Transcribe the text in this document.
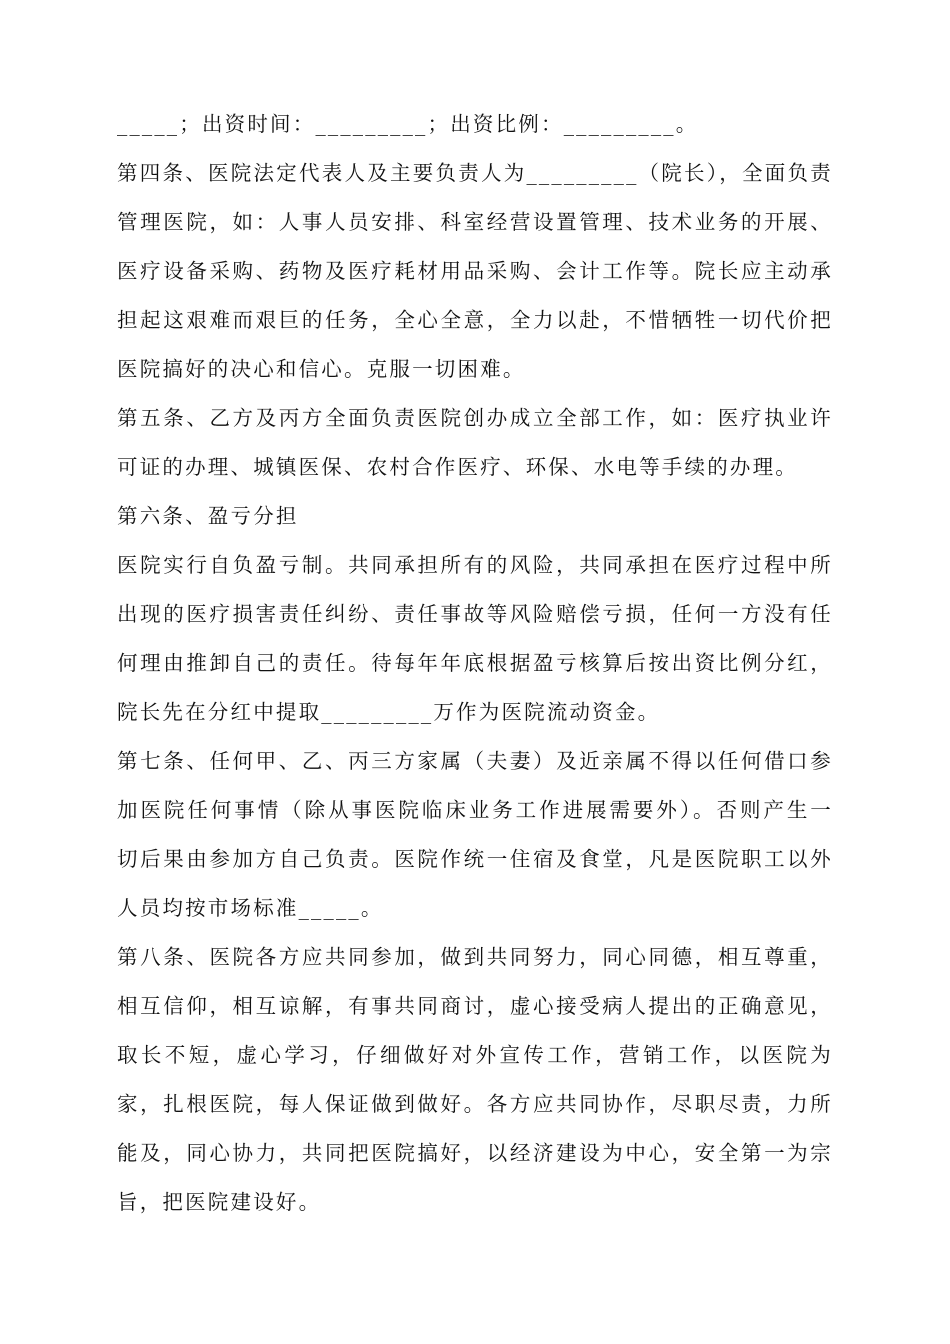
_____；出资时间：_________；出资比例：_________。

第四条、医院法定代表人及主要负责人为_________（院长），全面负责管理医院，如：人事人员安排、科室经营设置管理、技术业务的开展、医疗设备采购、药物及医疗耗材用品采购、会计工作等。院长应主动承担起这艰难而艰巨的任务，全心全意，全力以赴，不惜牺牲一切代价把医院搞好的决心和信心。克服一切困难。

第五条、乙方及丙方全面负责医院创办成立全部工作，如：医疗执业许可证的办理、城镇医保、农村合作医疗、环保、水电等手续的办理。

第六条、盈亏分担

医院实行自负盈亏制。共同承担所有的风险，共同承担在医疗过程中所出现的医疗损害责任纠纷、责任事故等风险赔偿亏损，任何一方没有任何理由推卸自己的责任。待每年年底根据盈亏核算后按出资比例分红，院长先在分红中提取_________万作为医院流动资金。

第七条、任何甲、乙、丙三方家属（夫妻）及近亲属不得以任何借口参加医院任何事情（除从事医院临床业务工作进展需要外）。否则产生一切后果由参加方自己负责。医院作统一住宿及食堂，凡是医院职工以外人员均按市场标准_____。

第八条、医院各方应共同参加，做到共同努力，同心同德，相互尊重，相互信仰，相互谅解，有事共同商讨，虚心接受病人提出的正确意见，取长不短，虚心学习，仔细做好对外宣传工作，营销工作，以医院为家，扎根医院，每人保证做到做好。各方应共同协作，尽职尽责，力所能及，同心协力，共同把医院搞好，以经济建设为中心，安全第一为宗旨，把医院建设好。
